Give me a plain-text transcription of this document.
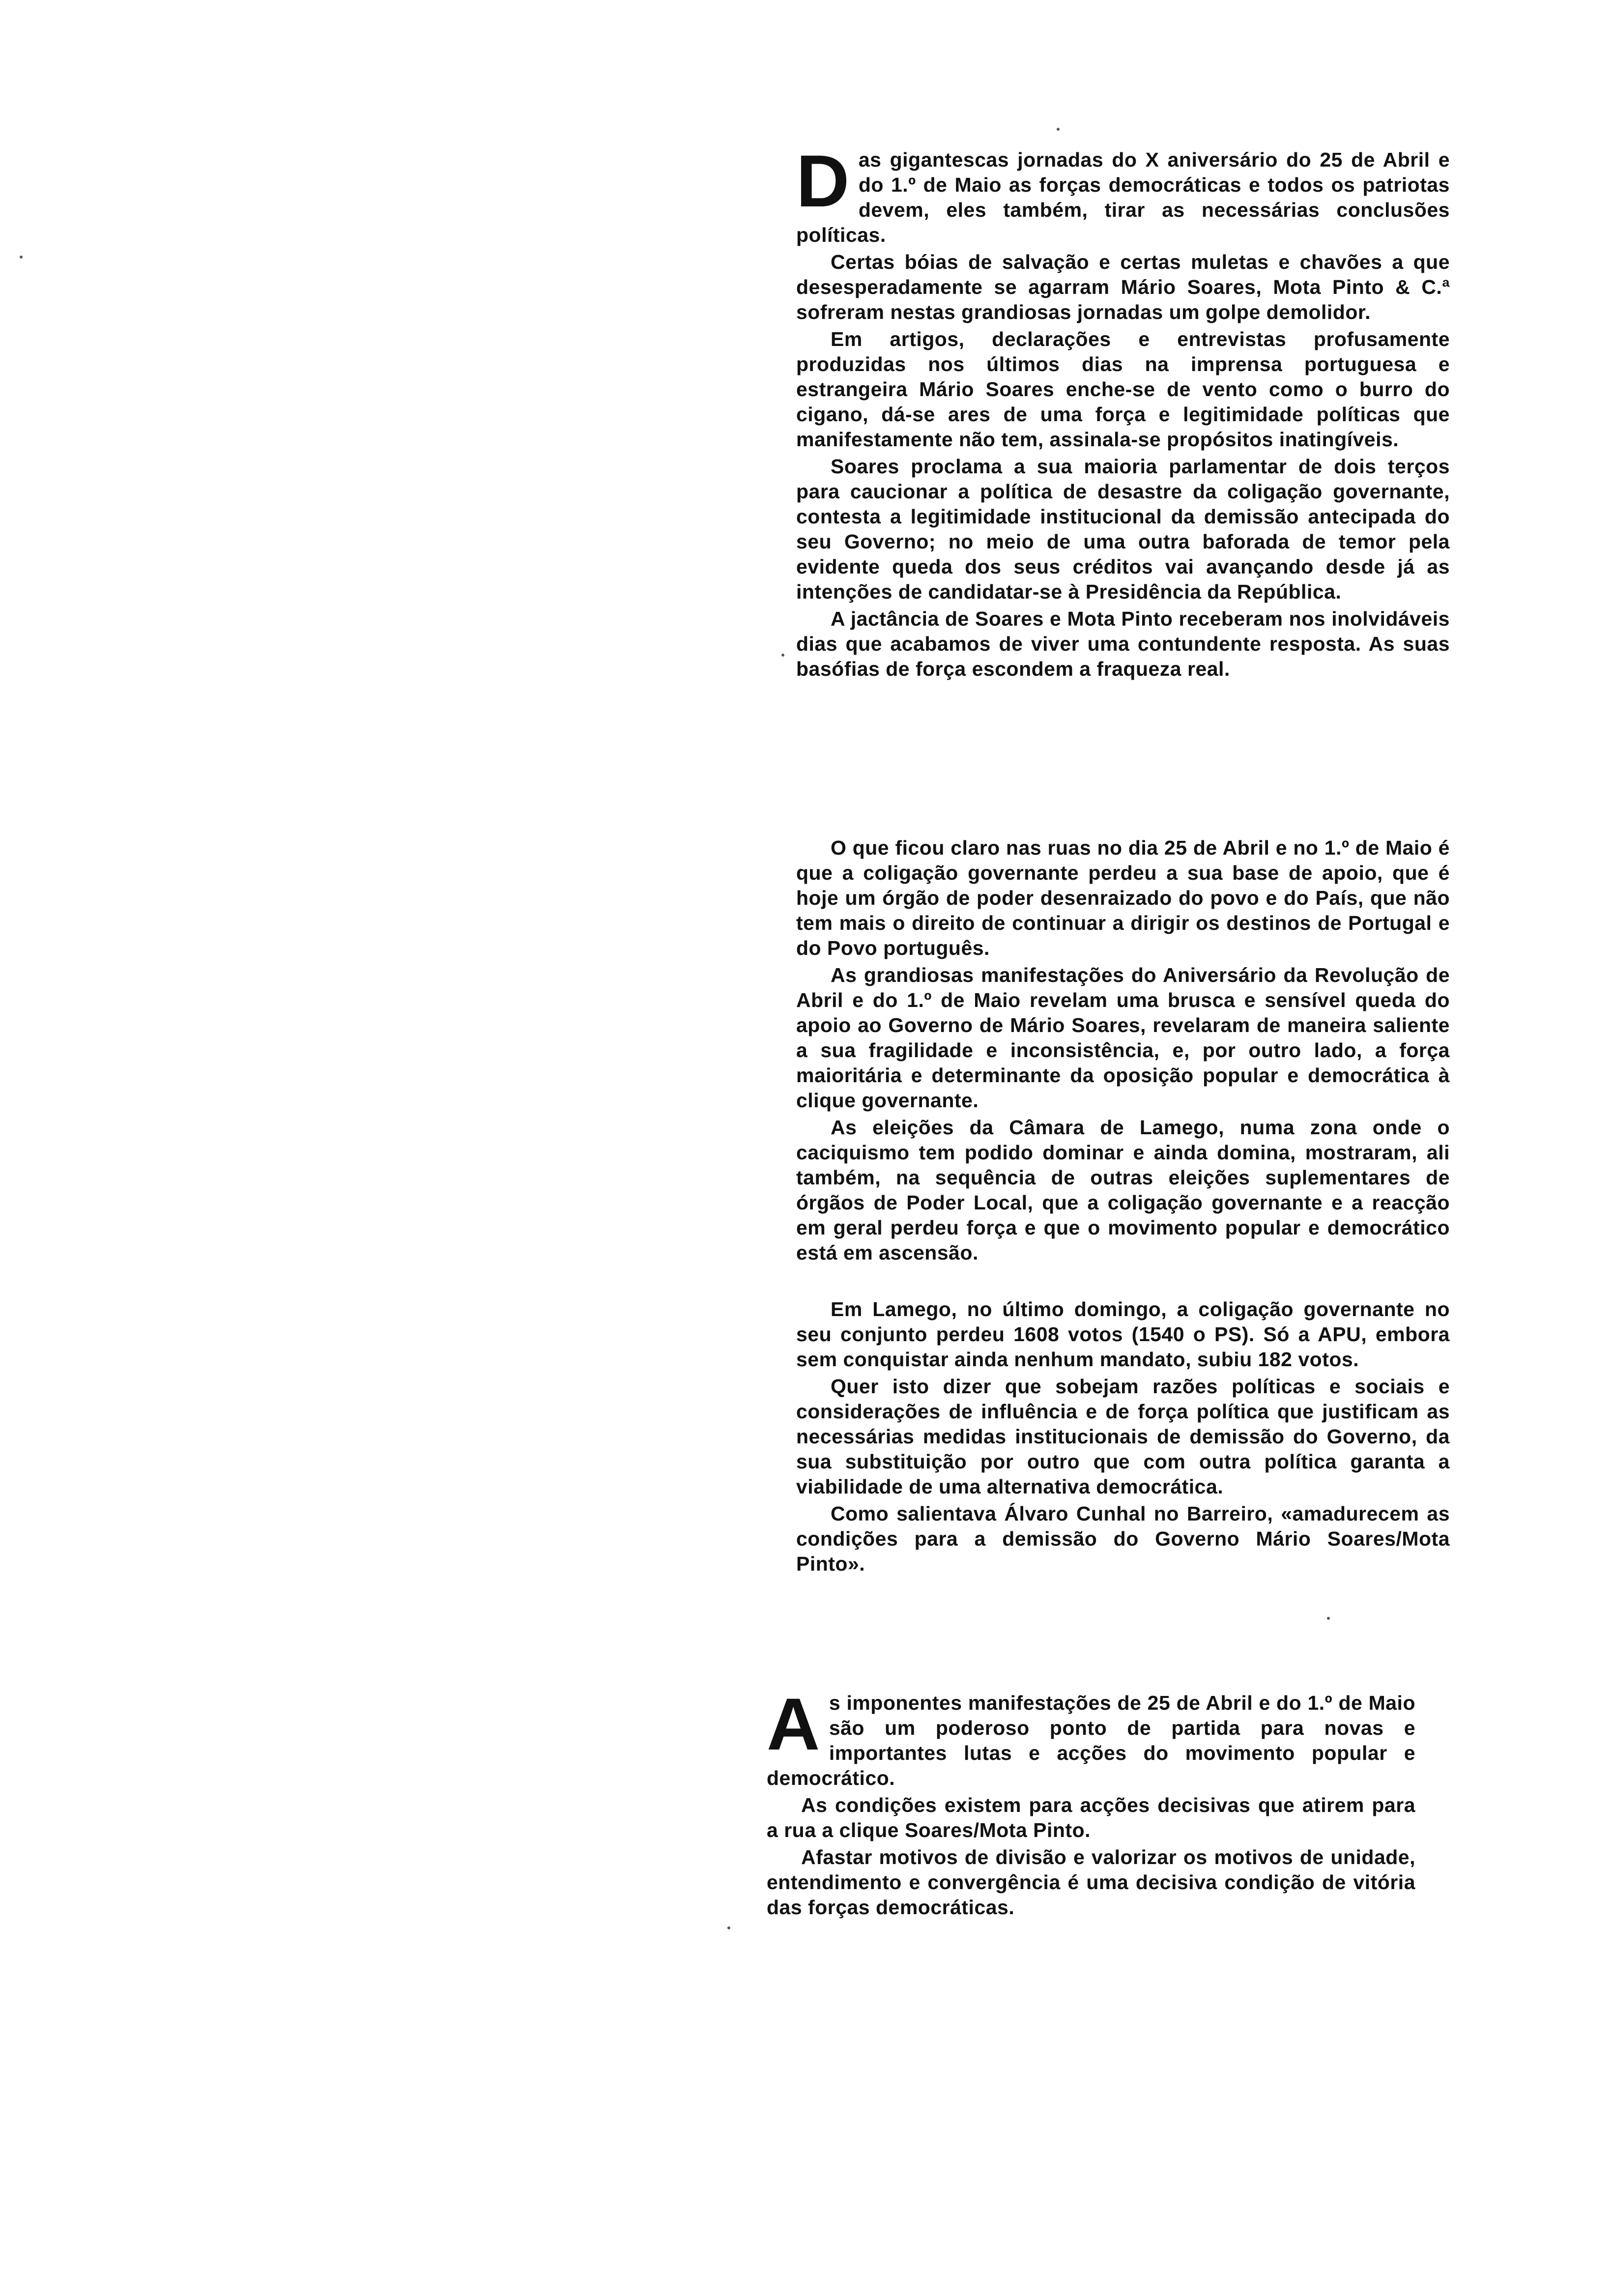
Das gigantescas jornadas do X aniversário do 25 de Abril e do 1.º de Maio as forças democráticas e todos os patriotas devem, eles também, tirar as necessárias conclusões políticas.

Certas bóias de salvação e certas muletas e chavões a que desesperadamente se agarram Mário Soares, Mota Pinto & C.ª sofreram nestas grandiosas jornadas um golpe demolidor.

Em artigos, declarações e entrevistas profusamente produzidas nos últimos dias na imprensa portuguesa e estrangeira Mário Soares enche-se de vento como o burro do cigano, dá-se ares de uma força e legitimidade políticas que manifestamente não tem, assinala-se propósitos inatingíveis.

Soares proclama a sua maioria parlamentar de dois terços para caucionar a política de desastre da coligação governante, contesta a legitimidade institucional da demissão antecipada do seu Governo; no meio de uma outra baforada de temor pela evidente queda dos seus créditos vai avançando desde já as intenções de candidatar-se à Presidência da República.

A jactância de Soares e Mota Pinto receberam nos inolvidáveis dias que acabamos de viver uma contundente resposta. As suas basófias de força escondem a fraqueza real.

O que ficou claro nas ruas no dia 25 de Abril e no 1.º de Maio é que a coligação governante perdeu a sua base de apoio, que é hoje um órgão de poder desenraizado do povo e do País, que não tem mais o direito de continuar a dirigir os destinos de Portugal e do Povo português.

As grandiosas manifestações do Aniversário da Revolução de Abril e do 1.º de Maio revelam uma brusca e sensível queda do apoio ao Governo de Mário Soares, revelaram de maneira saliente a sua fragilidade e inconsistência, e, por outro lado, a força maioritária e determinante da oposição popular e democrática à clique governante.

As eleições da Câmara de Lamego, numa zona onde o caciquismo tem podido dominar e ainda domina, mostraram, ali também, na sequência de outras eleições suplementares de órgãos de Poder Local, que a coligação governante e a reacção em geral perdeu força e que o movimento popular e democrático está em ascensão.

Em Lamego, no último domingo, a coligação governante no seu conjunto perdeu 1608 votos (1540 o PS). Só a APU, embora sem conquistar ainda nenhum mandato, subiu 182 votos.

Quer isto dizer que sobejam razões políticas e sociais e considerações de influência e de força política que justificam as necessárias medidas institucionais de demissão do Governo, da sua substituição por outro que com outra política garanta a viabilidade de uma alternativa democrática.

Como salientava Álvaro Cunhal no Barreiro, «amadurecem as condições para a demissão do Governo Mário Soares/Mota Pinto».

As imponentes manifestações de 25 de Abril e do 1.º de Maio são um poderoso ponto de partida para novas e importantes lutas e acções do movimento popular e democrático.

As condições existem para acções decisivas que atirem para a rua a clique Soares/Mota Pinto.

Afastar motivos de divisão e valorizar os motivos de unidade, entendimento e convergência é uma decisiva condição de vitória das forças democráticas.
